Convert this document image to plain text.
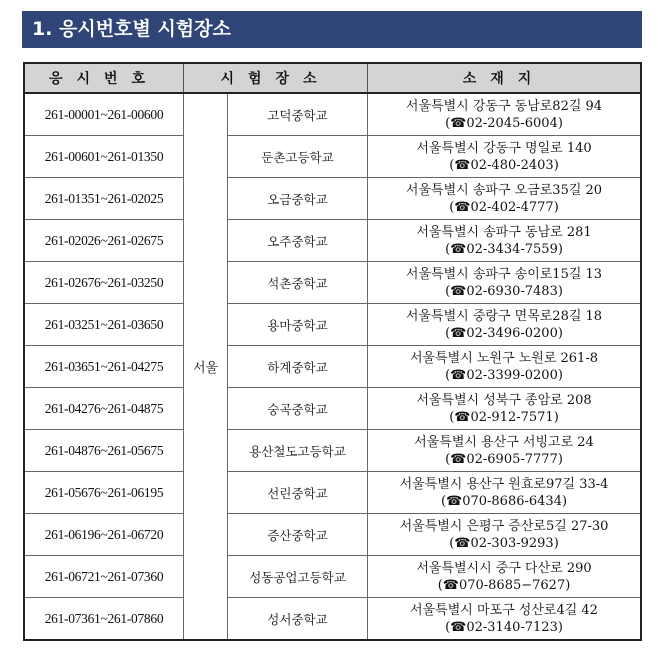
1. 응시번호별 시험장소
응시번호	시험장소		소재지
261-00001~261-00600	서울	고덕중학교	서울특별시 강동구 동남로82길 94
(☎02-2045-6004)

261-00601~261-01350		둔촌고등학교	서울특별시 강동구 명일로 140
(☎02-480-2403)

261-01351~261-02025		오금중학교	서울특별시 송파구 오금로35길 20
(☎02-402-4777)

261-02026~261-02675		오주중학교	서울특별시 송파구 동남로 281
(☎02-3434-7559)

261-02676~261-03250		석촌중학교	서울특별시 송파구 송이로15길 13
(☎02-6930-7483)

261-03251~261-03650		용마중학교	서울특별시 중랑구 면목로28길 18
(☎02-3496-0200)

261-03651~261-04275		하계중학교	서울특별시 노원구 노원로 261-8
(☎02-3399-0200)

261-04276~261-04875		숭곡중학교	서울특별시 성북구 종암로 208
(☎02-912-7571)

261-04876~261-05675		용산철도고등학교	서울특별시 용산구 서빙고로 24
(☎02-6905-7777)

261-05676~261-06195		선린중학교	서울특별시 용산구 원효로97길 33-4
(☎070-8686-6434)

261-06196~261-06720		증산중학교	서울특별시 은평구 증산로5길 27-30
(☎02-303-9293)

261-06721~261-07360		성동공업고등학교	서울특별시시 중구 다산로 290
(☎070-8685−7627)

261-07361~261-07860		성서중학교	서울특별시 마포구 성산로4길 42
(☎02-3140-7123)
